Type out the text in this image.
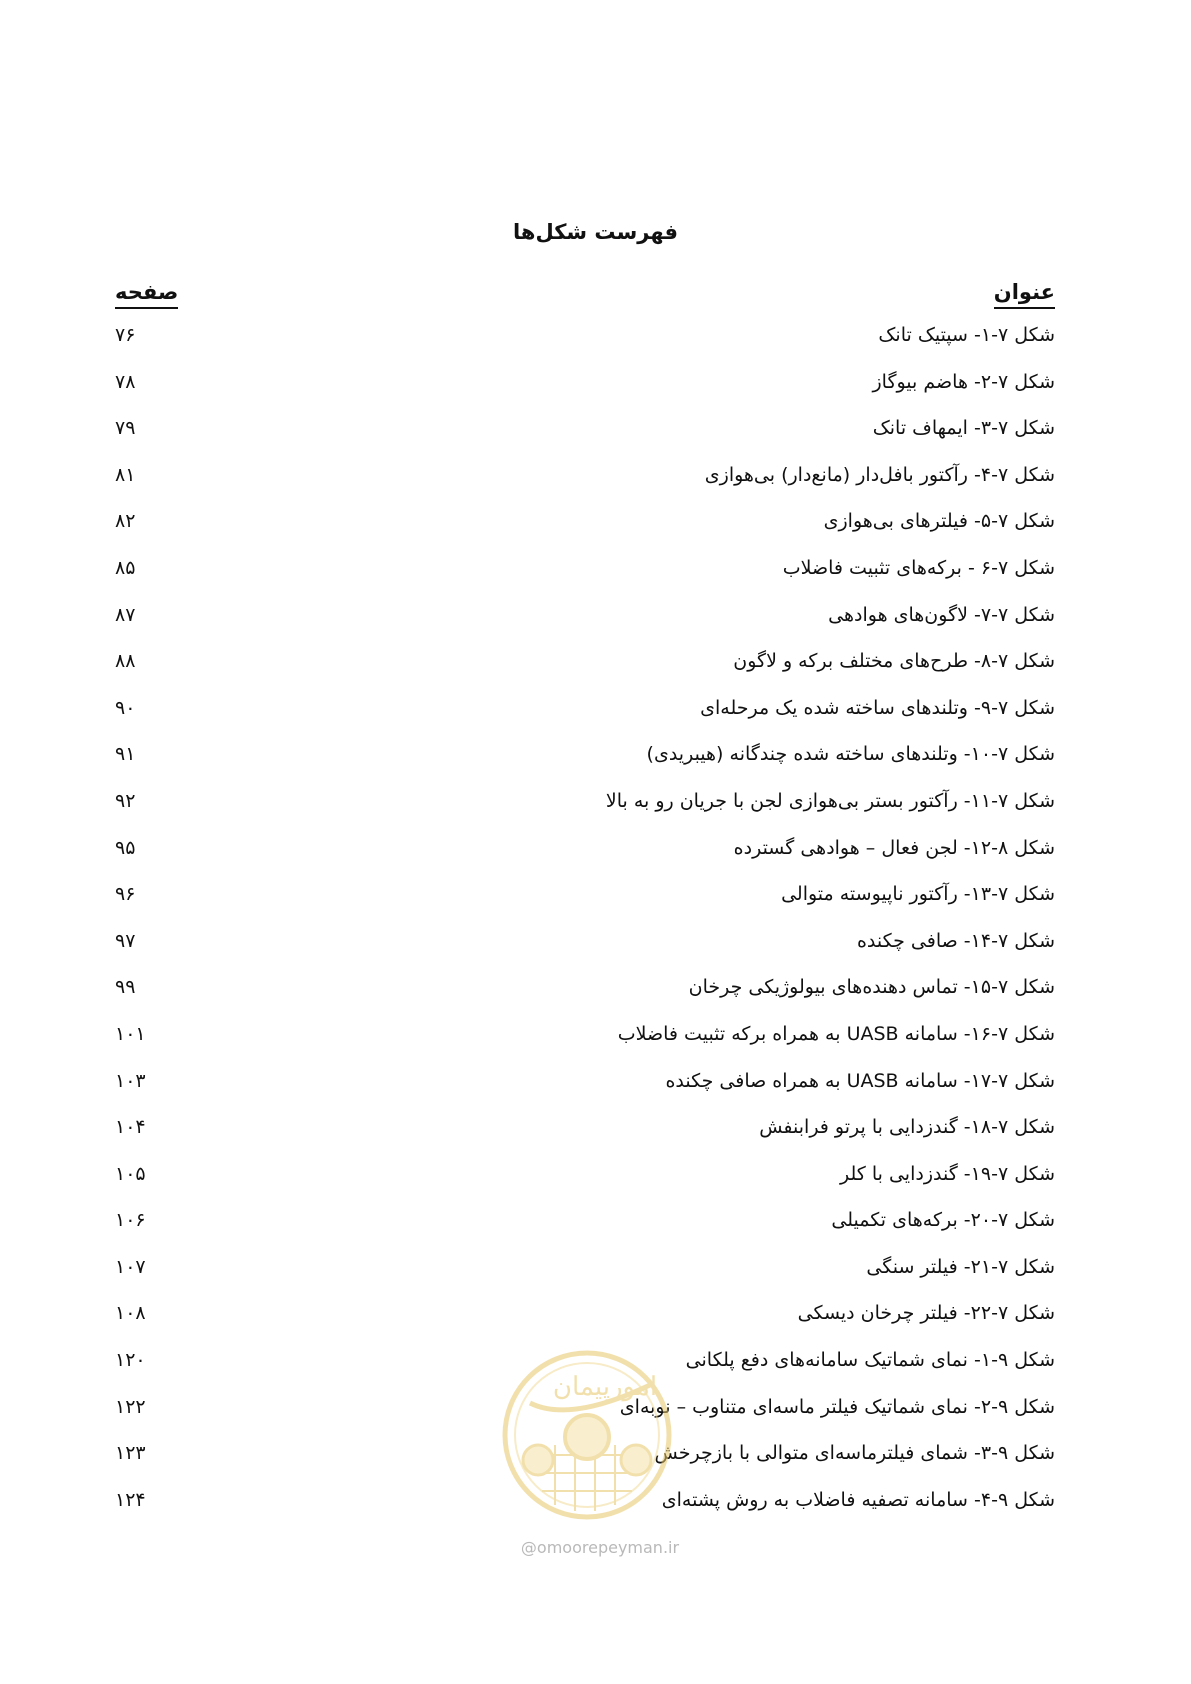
فهرست شکل‌ها
عنوان
صفحه
شکل ۷-۱- سپتیک تانک
۷۶
شکل ۷-۲- هاضم بیوگاز
۷۸
شکل ۷-۳- ایمهاف تانک
۷۹
شکل ۷-۴- رآکتور بافل‌دار (مانع‌دار) بی‌هوازی
۸۱
شکل ۷-۵- فیلترهای بی‌هوازی
۸۲
شکل ۷-۶ - برکه‌های تثبیت فاضلاب
۸۵
شکل ۷-۷- لاگون‌های هوادهی
۸۷
شکل ۷-۸- طرح‌های مختلف برکه و لاگون
۸۸
شکل ۷-۹- وتلندهای ساخته شده یک مرحله‌ای
۹۰
شکل ۷-۱۰- وتلندهای ساخته شده چندگانه (هیبریدی)
۹۱
شکل ۷-۱۱- رآکتور بستر بی‌هوازی لجن با جریان رو به بالا
۹۲
شکل ۸-۱۲- لجن فعال – هوادهی گسترده
۹۵
شکل ۷-۱۳- رآکتور ناپیوسته متوالی
۹۶
شکل ۷-۱۴- صافی چکنده
۹۷
شکل ۷-۱۵- تماس دهنده‌های بیولوژیکی چرخان
۹۹
شکل ۷-۱۶- سامانه UASB به همراه برکه تثبیت فاضلاب
۱۰۱
شکل ۷-۱۷- سامانه UASB به همراه صافی چکنده
۱۰۳
شکل ۷-۱۸- گندزدایی با پرتو فرابنفش
۱۰۴
شکل ۷-۱۹- گندزدایی با کلر
۱۰۵
شکل ۷-۲۰- برکه‌های تکمیلی
۱۰۶
شکل ۷-۲۱- فیلتر سنگی
۱۰۷
شکل ۷-۲۲- فیلتر چرخان دیسکی
۱۰۸
شکل ۹-۱- نمای شماتیک سامانه‌های دفع پلکانی
۱۲۰
شکل ۹-۲- نمای شماتیک فیلتر ماسه‌ای متناوب – نوبه‌ای
۱۲۲
شکل ۹-۳- شمای فیلترماسه‌ای متوالی با بازچرخش
۱۲۳
شکل ۹-۴- سامانه تصفیه فاضلاب به روش پشته‌ای
۱۲۴
امورپیمان
@omoorepeyman.ir
